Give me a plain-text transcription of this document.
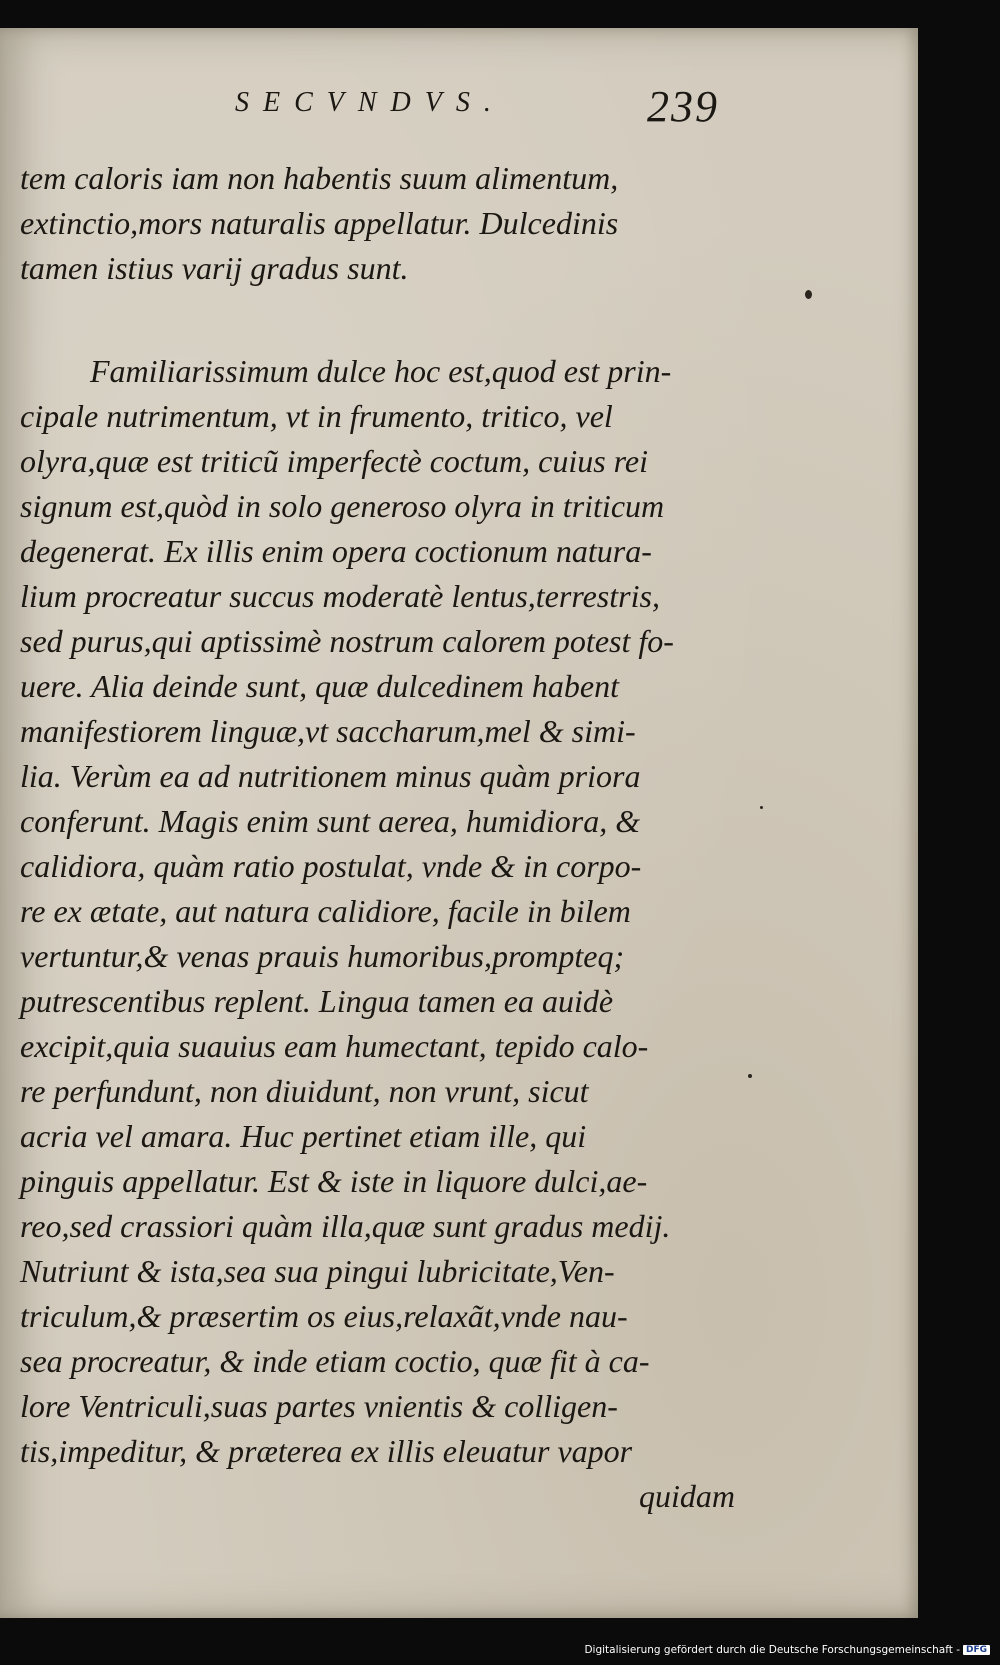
SECVNDVS.	239
tem caloris iam non habentis suum alimentum,
extinctio,mors naturalis appellatur. Dulcedinis
tamen istius varij gradus sunt.
Familiarissimum dulce hoc est,quod est prin-
cipale nutrimentum, vt in frumento, tritico, vel
olyra,quæ est triticũ imperfectè coctum, cuius rei
signum est,quòd in solo generoso olyra in triticum
degenerat. Ex illis enim opera coctionum natura-
lium procreatur succus moderatè lentus,terrestris,
sed purus,qui aptissimè nostrum calorem potest fo-
uere. Alia deinde sunt, quæ dulcedinem habent
manifestiorem linguæ,vt saccharum,mel & simi-
lia. Verùm ea ad nutritionem minus quàm priora
conferunt. Magis enim sunt aerea, humidiora, &
calidiora, quàm ratio postulat, vnde & in corpo-
re ex ætate, aut natura calidiore, facile in bilem
vertuntur,& venas prauis humoribus,prompteq;
putrescentibus replent. Lingua tamen ea auidè
excipit,quia suauius eam humectant, tepido calo-
re perfundunt, non diuidunt, non vrunt, sicut
acria vel amara. Huc pertinet etiam ille, qui
pinguis appellatur. Est & iste in liquore dulci,ae-
reo,sed crassiori quàm illa,quæ sunt gradus medij.
Nutriunt & ista,sea sua pingui lubricitate,Ven-
triculum,& præsertim os eius,relaxãt,vnde nau-
sea procreatur, & inde etiam coctio, quæ fit à ca-
lore Ventriculi,suas partes vnientis & colligen-
tis,impeditur, & præterea ex illis eleuatur vapor
quidam
Digitalisierung gefördert durch die Deutsche Forschungsgemeinschaft - DFG
